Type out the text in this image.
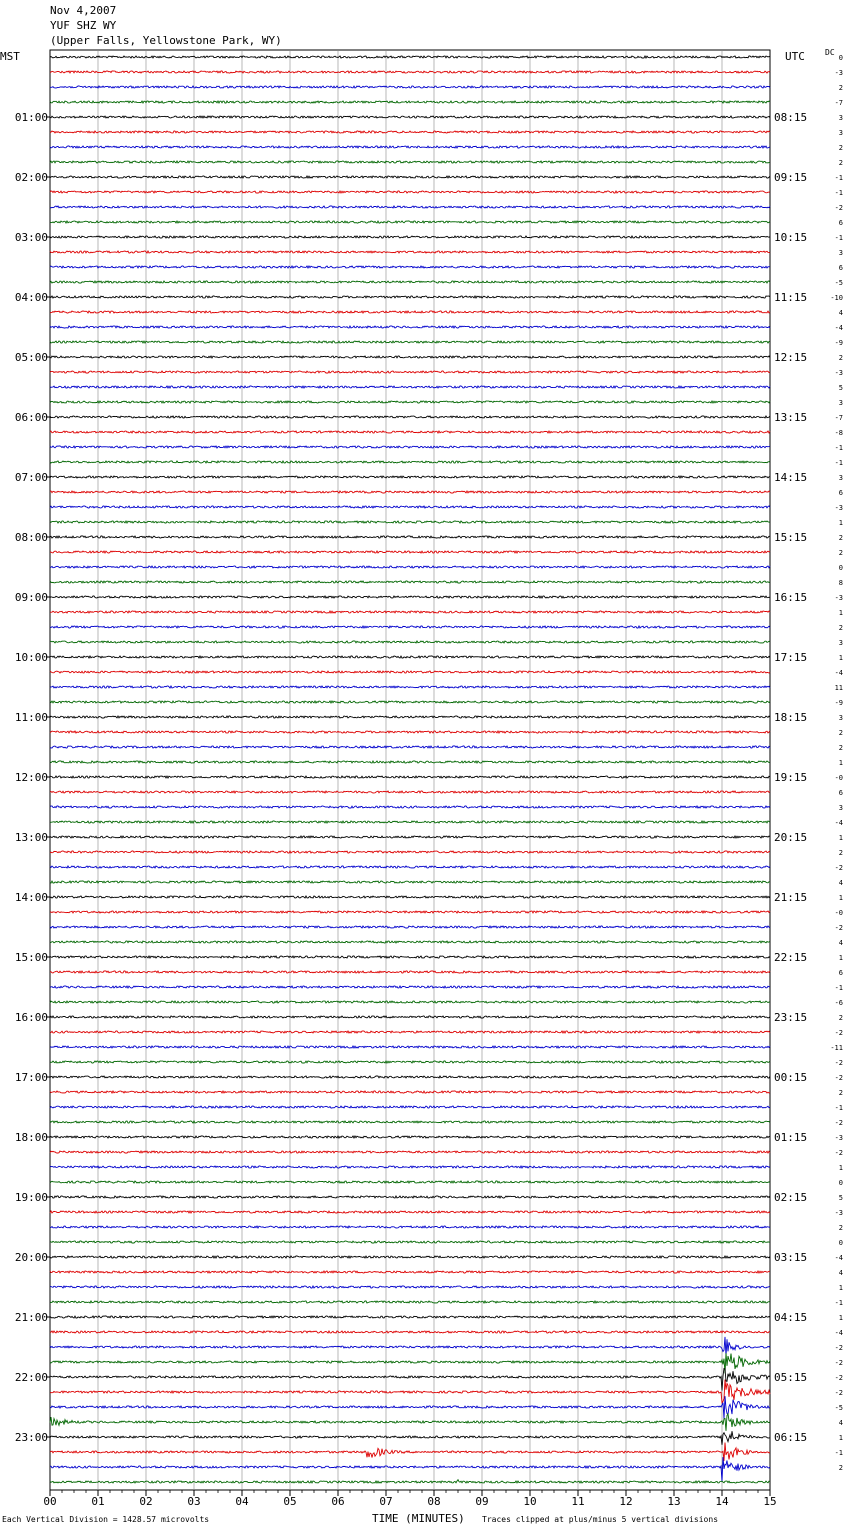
Nov 4,2007
YUF SHZ WY
(Upper Falls, Yellowstone Park, WY)
MST	UTC	DC
00	01	02	03	04	05	06	07	08	09	10	11	12	13	14	15
0
-3
2
-7
3
01:00	08:15
3
2
2
-1
02:00	09:15
-1
-2
6
-1
03:00	10:15
3
6
-5
-10
04:00	11:15
4
-4
-9
2
05:00	12:15
-3
5
3
-7
06:00	13:15
-8
-1
-1
3
07:00	14:15
6
-3
1
2
08:00	15:15
2
0
8
-3
09:00	16:15
1
2
3
1
10:00	17:15
-4
11
-9
3
11:00	18:15
2
2
1
-0
12:00	19:15
6
3
-4
1
13:00	20:15
2
-2
4
1
14:00	21:15
-0
-2
4
1
15:00	22:15
6
-1
-6
2
16:00	23:15
-2
-11
-2
-2
17:00	00:15
2
-1
-2
-3
18:00	01:15
-2
1
0
5
19:00	02:15
-3
2
0
-4
20:00	03:15
4
1
-1
1
21:00	04:15
-4
-2
-2
-2
22:00	05:15
-2
-5
4
1
23:00	06:15
-1
2
Each Vertical Division = 1428.57 microvolts	TIME (MINUTES) Traces clipped at plus/minus 5 vertical divisions
